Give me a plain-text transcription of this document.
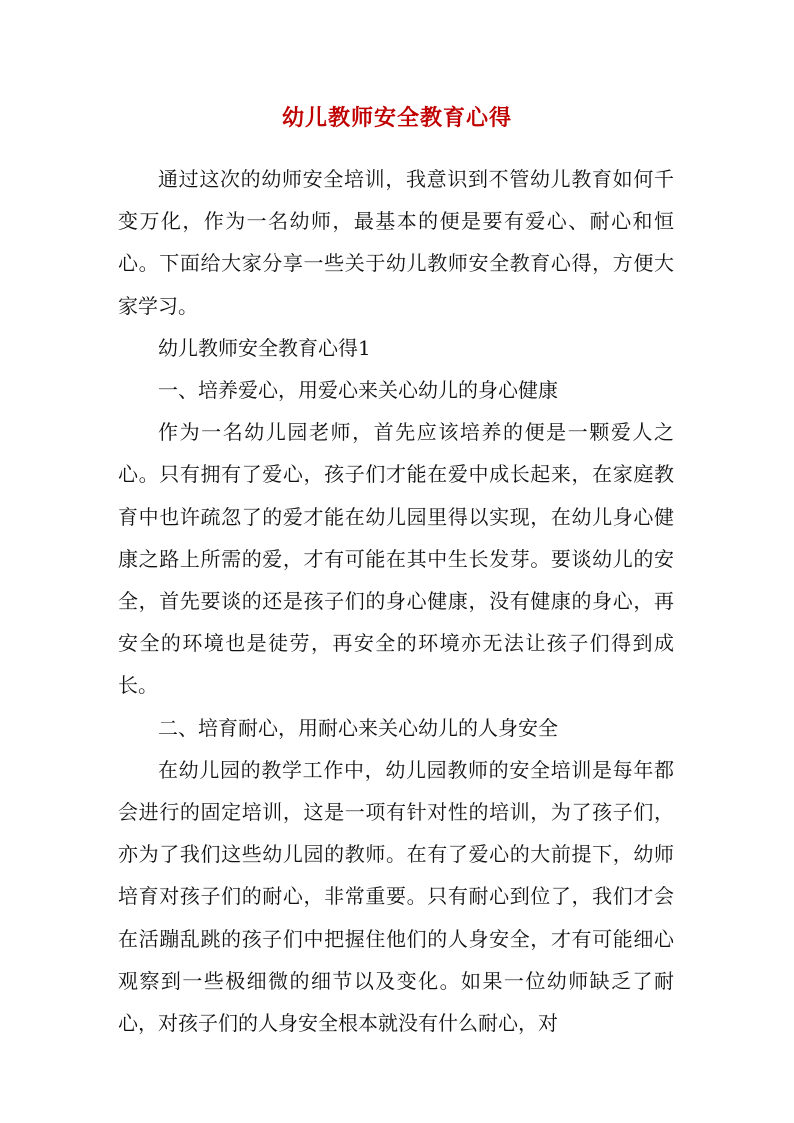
幼儿教师安全教育心得

通过这次的幼师安全培训，我意识到不管幼儿教育如何千变万化，作为一名幼师，最基本的便是要有爱心、耐心和恒心。下面给大家分享一些关于幼儿教师安全教育心得，方便大家学习。

幼儿教师安全教育心得1

一、培养爱心，用爱心来关心幼儿的身心健康

作为一名幼儿园老师，首先应该培养的便是一颗爱人之心。只有拥有了爱心，孩子们才能在爱中成长起来，在家庭教育中也许疏忽了的爱才能在幼儿园里得以实现，在幼儿身心健康之路上所需的爱，才有可能在其中生长发芽。要谈幼儿的安全，首先要谈的还是孩子们的身心健康，没有健康的身心，再安全的环境也是徒劳，再安全的环境亦无法让孩子们得到成长。

二、培育耐心，用耐心来关心幼儿的人身安全

在幼儿园的教学工作中，幼儿园教师的安全培训是每年都会进行的固定培训，这是一项有针对性的培训，为了孩子们，亦为了我们这些幼儿园的教师。在有了爱心的大前提下，幼师培育对孩子们的耐心，非常重要。只有耐心到位了，我们才会在活蹦乱跳的孩子们中把握住他们的人身安全，才有可能细心观察到一些极细微的细节以及变化。如果一位幼师缺乏了耐心，对孩子们的人身安全根本就没有什么耐心，对
